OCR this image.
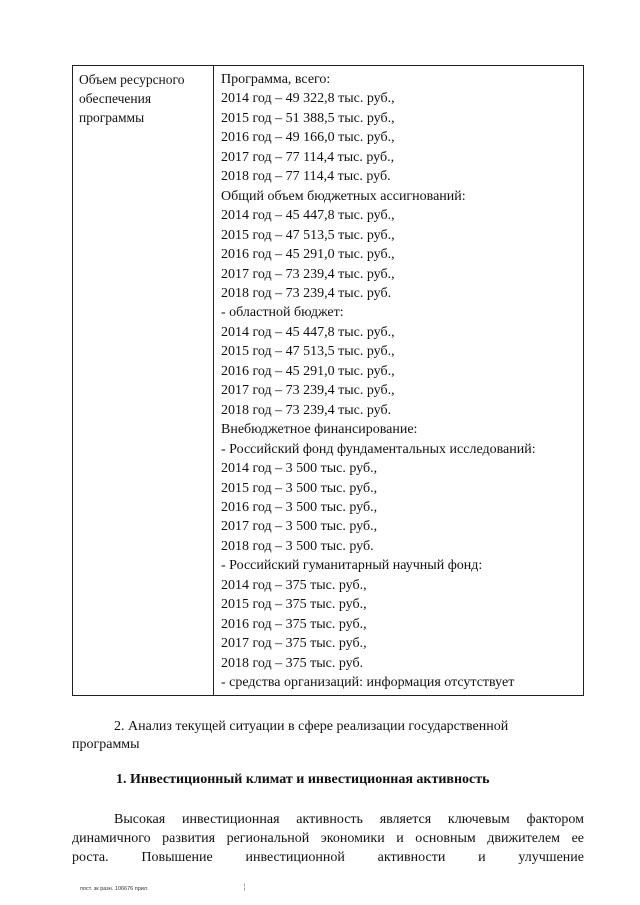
Объем ресурсного
обеспечения
программы
Программа, всего:
2014 год – 49 322,8 тыс. руб.,
2015 год – 51 388,5 тыс. руб.,
2016 год – 49 166,0 тыс. руб.,
2017 год – 77 114,4 тыс. руб.,
2018 год – 77 114,4 тыс. руб.
Общий объем бюджетных ассигнований:
2014 год – 45 447,8 тыс. руб.,
2015 год – 47 513,5 тыс. руб.,
2016 год – 45 291,0 тыс. руб.,
2017 год – 73 239,4 тыс. руб.,
2018 год – 73 239,4 тыс. руб.
- областной бюджет:
2014 год – 45 447,8 тыс. руб.,
2015 год – 47 513,5 тыс. руб.,
2016 год – 45 291,0 тыс. руб.,
2017 год – 73 239,4 тыс. руб.,
2018 год – 73 239,4 тыс. руб.
Внебюджетное финансирование:
- Российский фонд фундаментальных исследований:
2014 год – 3 500 тыс. руб.,
2015 год – 3 500 тыс. руб.,
2016 год – 3 500 тыс. руб.,
2017 год – 3 500 тыс. руб.,
2018 год – 3 500 тыс. руб.
- Российский гуманитарный научный фонд:
2014 год – 375 тыс. руб.,
2015 год – 375 тыс. руб.,
2016 год – 375 тыс. руб.,
2017 год – 375 тыс. руб.,
2018 год – 375 тыс. руб.
- средства организаций: информация отсутствует
2. Анализ текущей ситуации в сфере реализации государственной
программы
1. Инвестиционный климат и инвестиционная активность
Высокая инвестиционная активность является ключевым фактором
динамичного развития региональной экономики и основным движителем ее
роста. Повышение инвестиционной активности и улучшение
¦
пост. зк разн. 106676 прил.
